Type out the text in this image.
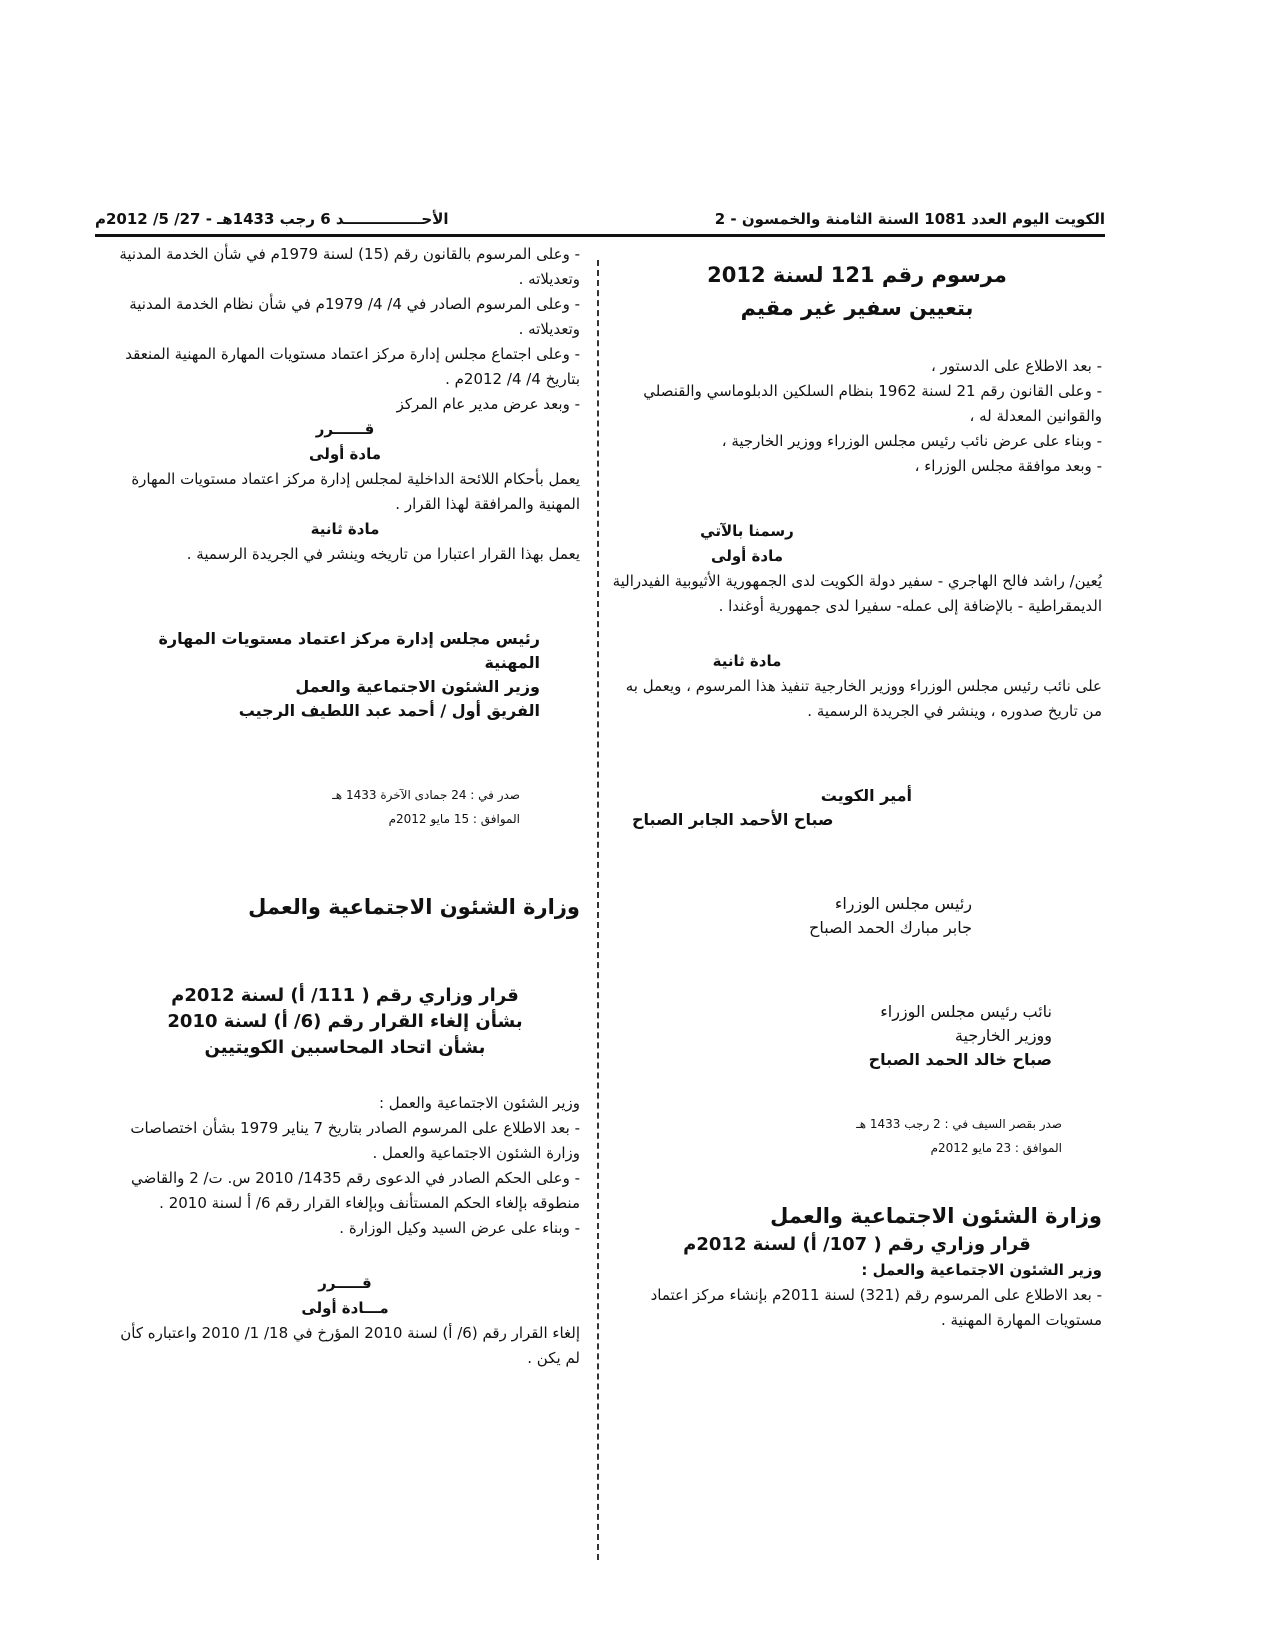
الأحـــــــــــــــد 6 رجب 1433هـ - 27/ 5/ 2012م	الكويت اليوم العدد 1081 السنة الثامنة والخمسون - 2
مرسوم رقم 121 لسنة 2012
بتعيين سفير غير مقيم

- بعد الاطلاع على الدستور ،

- وعلى القانون رقم 21 لسنة 1962 بنظام السلكين الدبلوماسي والقنصلي والقوانين المعدلة له ،

- وبناء على عرض نائب رئيس مجلس الوزراء ووزير الخارجية ،

- وبعد موافقة مجلس الوزراء ،

رسمنا بالآتي
مادة أولى

يُعين/ راشد فالح الهاجري - سفير دولة الكويت لدى الجمهورية الأثيوبية الفيدرالية الديمقراطية - بالإضافة إلى عمله- سفيرا لدى جمهورية أوغندا .

مادة ثانية

على نائب رئيس مجلس الوزراء ووزير الخارجية تنفيذ هذا المرسوم ، ويعمل به من تاريخ صدوره ، وينشر في الجريدة الرسمية .

أمير الكويت
صباح الأحمد الجابر الصباح
رئيس مجلس الوزراء
جابر مبارك الحمد الصباح
نائب رئيس مجلس الوزراء
ووزير الخارجية
صباح خالد الحمد الصباح
صدر بقصر السيف في : 2 رجب 1433 هـ
الموافق : 23 مايو 2012م
وزارة الشئون الاجتماعية والعمل
قرار وزاري رقم ( 107/ أ) لسنة 2012م
وزير الشئون الاجتماعية والعمل :

- بعد الاطلاع على المرسوم رقم (321) لسنة 2011م بإنشاء مركز اعتماد مستويات المهارة المهنية .

- وعلى المرسوم بالقانون رقم (15) لسنة 1979م في شأن الخدمة المدنية وتعديلاته .

- وعلى المرسوم الصادر في 4/ 4/ 1979م في شأن نظام الخدمة المدنية وتعديلاته .

- وعلى اجتماع مجلس إدارة مركز اعتماد مستويات المهارة المهنية المنعقد بتاريخ 4/ 4/ 2012م .

- وبعد عرض مدير عام المركز

قــــــرر
مادة أولى

يعمل بأحكام اللائحة الداخلية لمجلس إدارة مركز اعتماد مستويات المهارة المهنية والمرافقة لهذا القرار .

مادة ثانية

يعمل بهذا القرار اعتبارا من تاريخه وينشر في الجريدة الرسمية .

رئيس مجلس إدارة مركز اعتماد مستويات المهارة المهنية
وزير الشئون الاجتماعية والعمل
الفريق أول / أحمد عبد اللطيف الرجيب
صدر في : 24 جمادى الآخرة 1433 هـ
الموافق : 15 مايو 2012م
وزارة الشئون الاجتماعية والعمل
قرار وزاري رقم ( 111/ أ) لسنة 2012م
بشأن إلغاء القرار رقم (6/ أ) لسنة 2010
بشأن اتحاد المحاسبين الكويتيين
وزير الشئون الاجتماعية والعمل :

- بعد الاطلاع على المرسوم الصادر بتاريخ 7 يناير 1979 بشأن اختصاصات وزارة الشئون الاجتماعية والعمل .

- وعلى الحكم الصادر في الدعوى رقم 1435/ 2010 س. ت/ 2 والقاضي منطوقه بإلغاء الحكم المستأنف وبإلغاء القرار رقم 6/ أ لسنة 2010 .

- وبناء على عرض السيد وكيل الوزارة .

قـــــرر
مـــادة أولى

إلغاء القرار رقم (6/ أ) لسنة 2010 المؤرخ في 18/ 1/ 2010 واعتباره كأن لم يكن .
